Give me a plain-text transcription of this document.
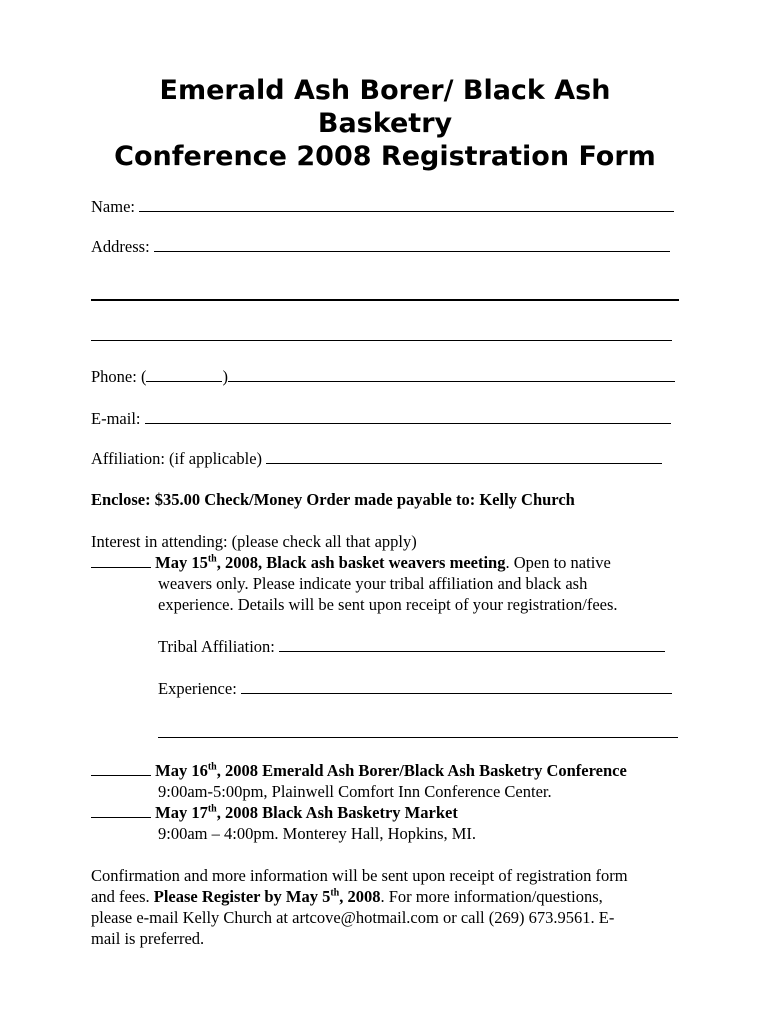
Emerald Ash Borer/ Black Ash
Basketry
Conference 2008 Registration Form
Name:
Address:
Phone: (	)
E-mail:
Affiliation: (if applicable)
Enclose: $35.00 Check/Money Order made payable to: Kelly Church
Interest in attending: (please check all that apply)
May 15th, 2008, Black ash basket weavers meeting. Open to native
weavers only. Please indicate your tribal affiliation and black ash
experience. Details will be sent upon receipt of your registration/fees.
Tribal Affiliation:
Experience:
May 16th, 2008 Emerald Ash Borer/Black Ash Basketry Conference
9:00am-5:00pm, Plainwell Comfort Inn Conference Center.
May 17th, 2008 Black Ash Basketry Market
9:00am – 4:00pm. Monterey Hall, Hopkins, MI.
Confirmation and more information will be sent upon receipt of registration form
and fees. Please Register by May 5th, 2008. For more information/questions,
please e-mail Kelly Church at artcove@hotmail.com or call (269) 673.9561. E-
mail is preferred.
